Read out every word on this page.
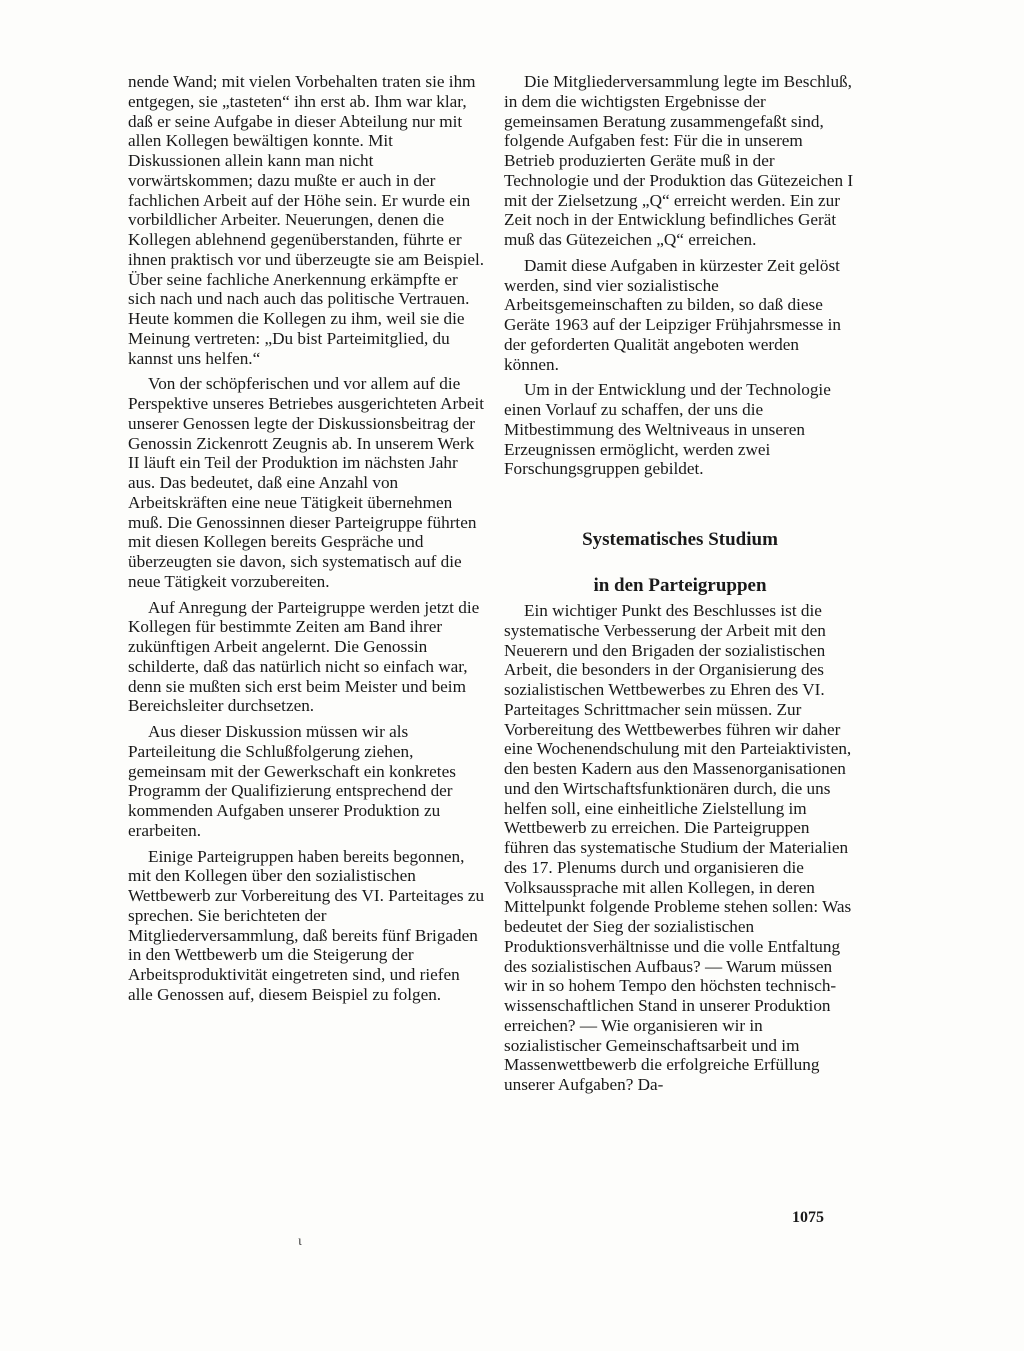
nende Wand; mit vielen Vorbehalten traten sie ihm entgegen, sie „tasteten“ ihn erst ab. Ihm war klar, daß er seine Aufgabe in dieser Abteilung nur mit allen Kollegen bewältigen konnte. Mit Diskussionen allein kann man nicht vorwärtskommen; dazu mußte er auch in der fachlichen Arbeit auf der Höhe sein. Er wurde ein vorbildlicher Arbeiter. Neuerungen, denen die Kollegen ablehnend gegenüberstanden, führte er ihnen praktisch vor und überzeugte sie am Beispiel. Über seine fachliche Anerkennung erkämpfte er sich nach und nach auch das politische Vertrauen. Heute kommen die Kollegen zu ihm, weil sie die Meinung vertreten: „Du bist Parteimitglied, du kannst uns helfen.“

Von der schöpferischen und vor allem auf die Perspektive unseres Betriebes ausgerichteten Arbeit unserer Genossen legte der Diskussionsbeitrag der Genossin Zickenrott Zeugnis ab. In unserem Werk II läuft ein Teil der Produktion im nächsten Jahr aus. Das bedeutet, daß eine Anzahl von Arbeitskräften eine neue Tätigkeit übernehmen muß. Die Genossinnen dieser Parteigruppe führten mit diesen Kollegen bereits Gespräche und überzeugten sie davon, sich systematisch auf die neue Tätigkeit vorzubereiten.

Auf Anregung der Parteigruppe werden jetzt die Kollegen für bestimmte Zeiten am Band ihrer zukünftigen Arbeit angelernt. Die Genossin schilderte, daß das natürlich nicht so einfach war, denn sie mußten sich erst beim Meister und beim Bereichsleiter durchsetzen.

Aus dieser Diskussion müssen wir als Parteileitung die Schlußfolgerung ziehen, gemeinsam mit der Gewerkschaft ein konkretes Programm der Qualifizierung entsprechend der kommenden Aufgaben unserer Produktion zu erarbeiten.

Einige Parteigruppen haben bereits begonnen, mit den Kollegen über den sozialistischen Wettbewerb zur Vorbereitung des VI. Parteitages zu sprechen. Sie berichteten der Mitgliederversammlung, daß bereits fünf Brigaden in den Wettbewerb um die Steigerung der Arbeitsproduktivität eingetreten sind, und riefen alle Genossen auf, diesem Beispiel zu folgen.

Die Mitgliederversammlung legte im Beschluß, in dem die wichtigsten Ergebnisse der gemeinsamen Beratung zusammengefaßt sind, folgende Aufgaben fest: Für die in unserem Betrieb produzierten Geräte muß in der Technologie und der Produktion das Gütezeichen I mit der Zielsetzung „Q“ erreicht werden. Ein zur Zeit noch in der Entwicklung befindliches Gerät muß das Gütezeichen „Q“ erreichen.

Damit diese Aufgaben in kürzester Zeit gelöst werden, sind vier sozialistische Arbeitsgemeinschaften zu bilden, so daß diese Geräte 1963 auf der Leipziger Frühjahrsmesse in der geforderten Qualität angeboten werden können.

Um in der Entwicklung und der Technologie einen Vorlauf zu schaffen, der uns die Mitbestimmung des Weltniveaus in unseren Erzeugnissen ermöglicht, werden zwei Forschungsgruppen gebildet.

Systematisches Studium

in den Parteigruppen

Ein wichtiger Punkt des Beschlusses ist die systematische Verbesserung der Arbeit mit den Neuerern und den Brigaden der sozialistischen Arbeit, die besonders in der Organisierung des sozialistischen Wettbewerbes zu Ehren des VI. Parteitages Schrittmacher sein müssen. Zur Vorbereitung des Wettbewerbes führen wir daher eine Wochenendschulung mit den Parteiaktivisten, den besten Kadern aus den Massenorganisationen und den Wirtschaftsfunktionären durch, die uns helfen soll, eine einheitliche Zielstellung im Wettbewerb zu erreichen. Die Parteigruppen führen das systematische Studium der Materialien des 17. Plenums durch und organisieren die Volksaussprache mit allen Kollegen, in deren Mittelpunkt folgende Probleme stehen sollen: Was bedeutet der Sieg der sozialistischen Produktionsverhältnisse und die volle Entfaltung des sozialistischen Aufbaus? — Warum müssen wir in so hohem Tempo den höchsten technisch-wissenschaftlichen Stand in unserer Produktion erreichen? — Wie organisieren wir in sozialistischer Gemeinschaftsarbeit und im Massenwettbewerb die erfolgreiche Erfüllung unserer Aufgaben? Da-

1075
ɩ
